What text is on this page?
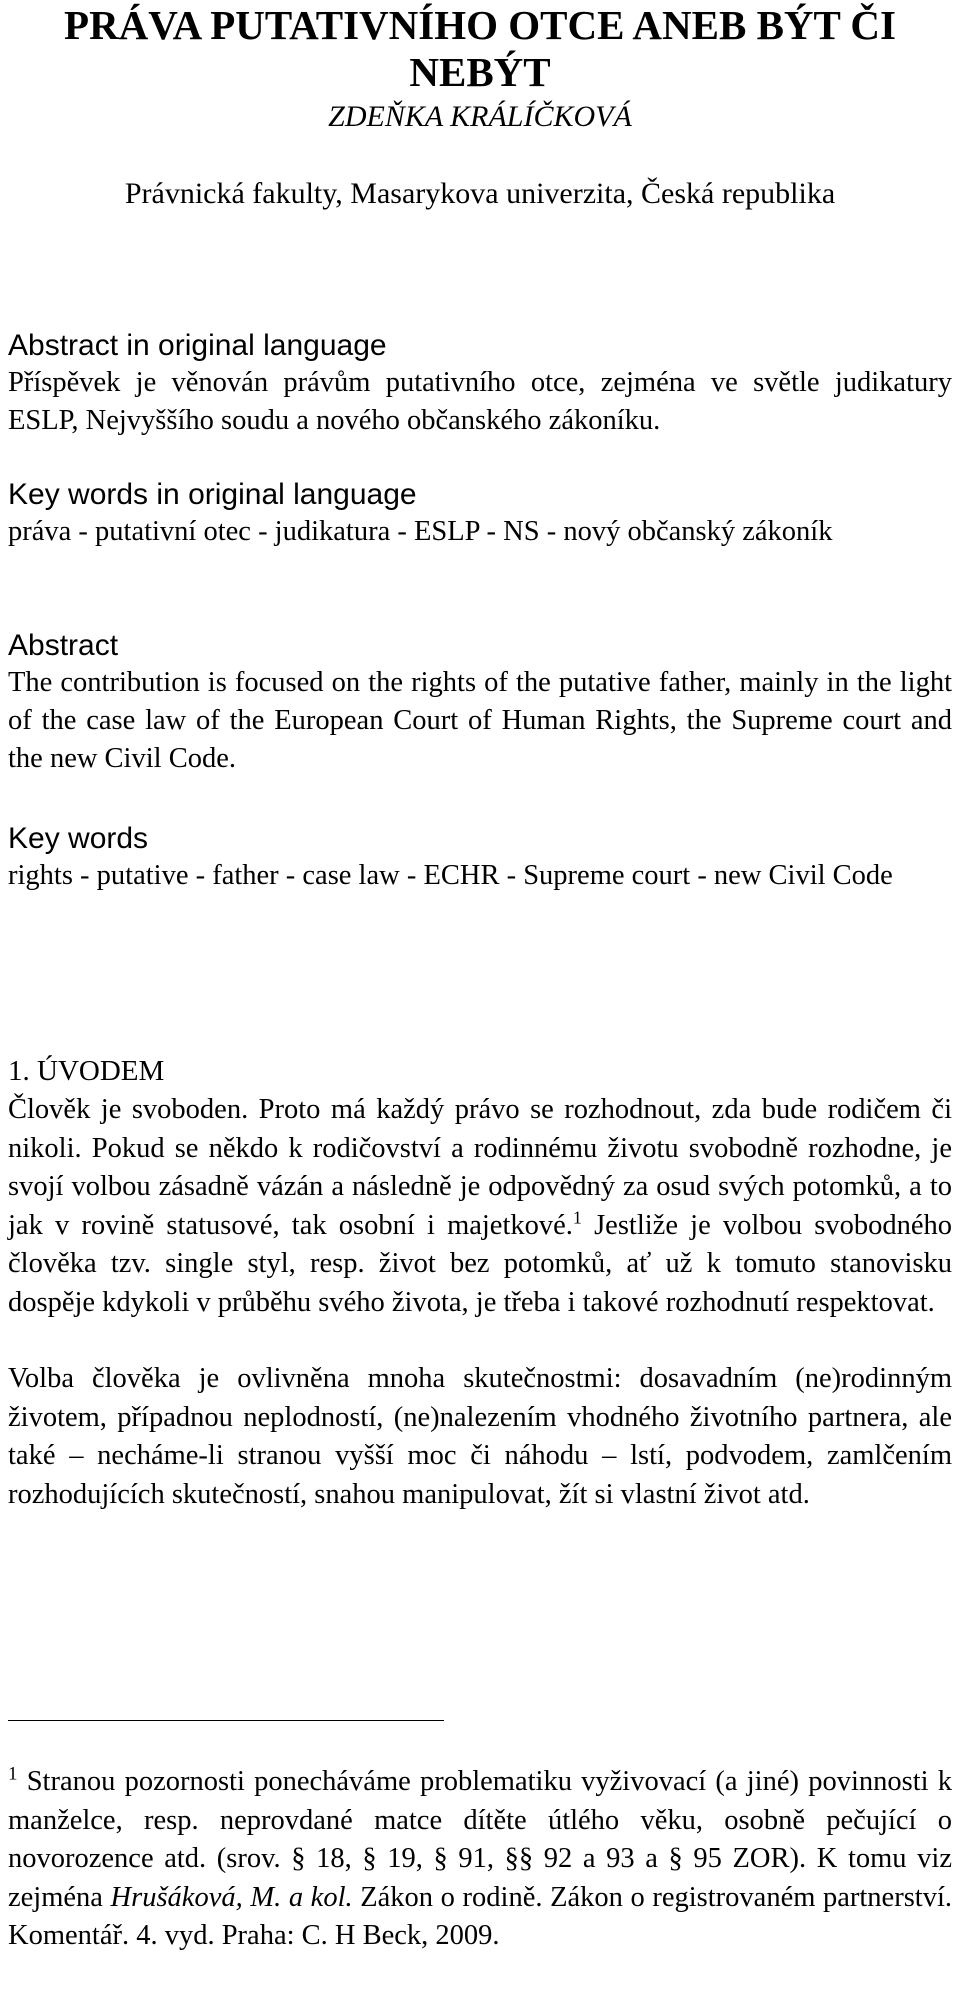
PRÁVA PUTATIVNÍHO OTCE ANEB BÝT ČI NEBÝT
ZDEŇKA KRÁLÍČKOVÁ
Právnická fakulty, Masarykova univerzita, Česká republika

Abstract in original language

Příspěvek je věnován právům putativního otce, zejména ve světle judikatury ESLP, Nejvyššího soudu a nového občanského zákoníku.

Key words in original language

práva - putativní otec - judikatura - ESLP - NS - nový občanský zákoník

Abstract

The contribution is focused on the rights of the putative father, mainly in the light of the case law of the European Court of Human Rights, the Supreme court and the new Civil Code.

Key words

rights - putative - father - case law - ECHR - Supreme court - new Civil Code

1. ÚVODEM

Člověk je svoboden. Proto má každý právo se rozhodnout, zda bude rodičem či nikoli. Pokud se někdo k rodičovství a rodinnému životu svobodně rozhodne, je svojí volbou zásadně vázán a následně je odpovědný za osud svých potomků, a to jak v rovině statusové, tak osobní i majetkové.$^1$ Jestliže je volbou svobodného člověka tzv. single styl, resp. život bez potomků, ať už k tomuto stanovisku dospěje kdykoli v průběhu svého života, je třeba i takové rozhodnutí respektovat.

Volba člověka je ovlivněna mnoha skutečnostmi: dosavadním (ne)rodinným životem, případnou neplodností, (ne)nalezením vhodného životního partnera, ale také – necháme-li stranou vyšší moc či náhodu – lstí, podvodem, zamlčením rozhodujících skutečností, snahou manipulovat, žít si vlastní život atd.

$^1$ Stranou pozornosti ponecháváme problematiku vyživovací (a jiné) povinnosti k manželce, resp. neprovdané matce dítěte útlého věku, osobně pečující o novorozence atd. (srov. § 18, § 19, § 91, §§ 92 a 93 a § 95 ZOR). K tomu viz zejména Hrušáková, M. a kol. Zákon o rodině. Zákon o registrovaném partnerství. Komentář. 4. vyd. Praha: C. H Beck, 2009.
